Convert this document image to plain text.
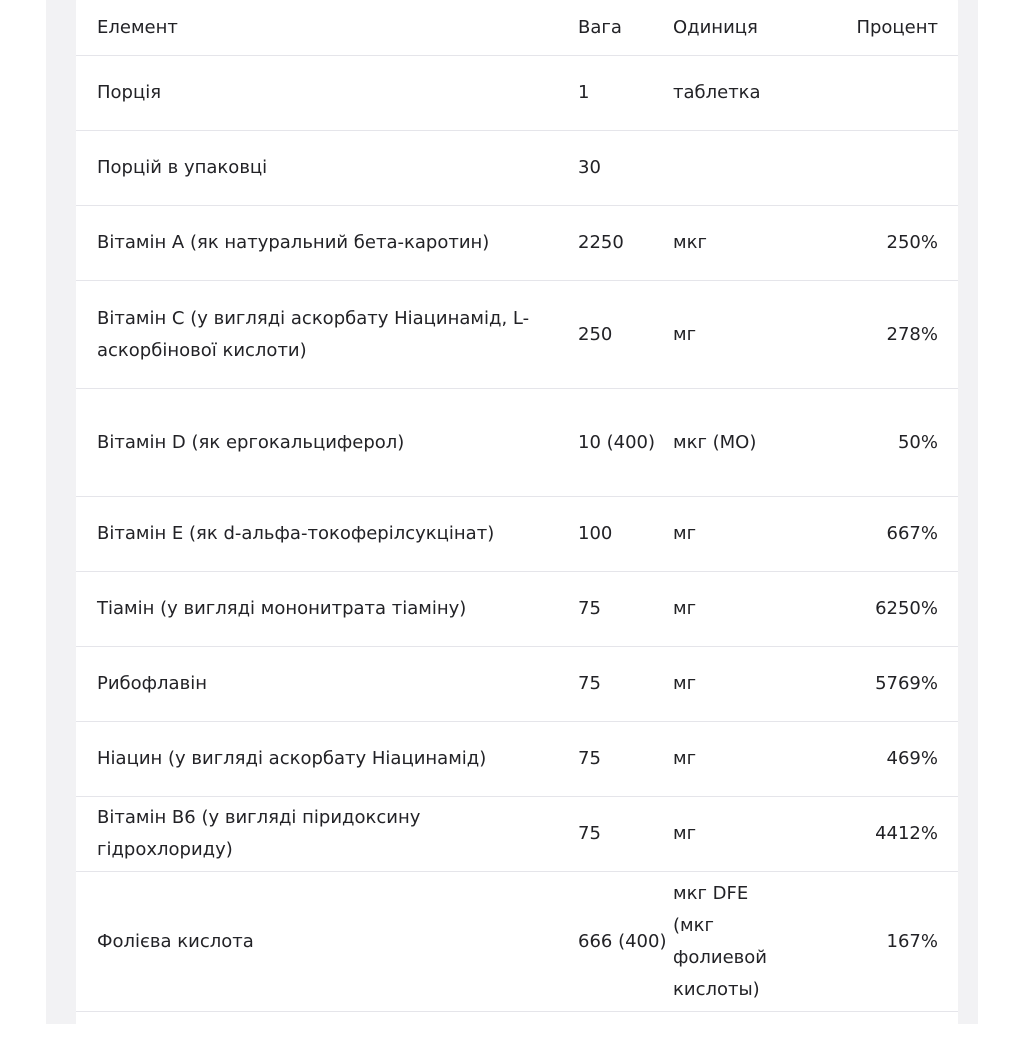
Елемент	Вага	Одиниця	Процент
Порція	1	таблетка	
Порцій в упаковці	30		
Вітамін А (як натуральний бета-каротин)	2250	мкг	250%
Вітамін С (у вигляді аскорбату Ніацинамід, L-аскорбінової кислоти)	250	мг	278%
Вітамін D (як ергокальциферол)	10 (400)	мкг (МО)	50%
Вітамін Е (як d-альфа-токоферілсукцінат)	100	мг	667%
Тіамін (у вигляді мононитрата тіаміну)	75	мг	6250%
Рибофлавін	75	мг	5769%
Ніацин (у вигляді аскорбату Ніацинамід)	75	мг	469%
Вітамін В6 (у вигляді піридоксину гідрохлориду)	75	мг	4412%
Фолієва кислота	666 (400)	мкг DFE (мкг фолиевой кислоты)	167%
